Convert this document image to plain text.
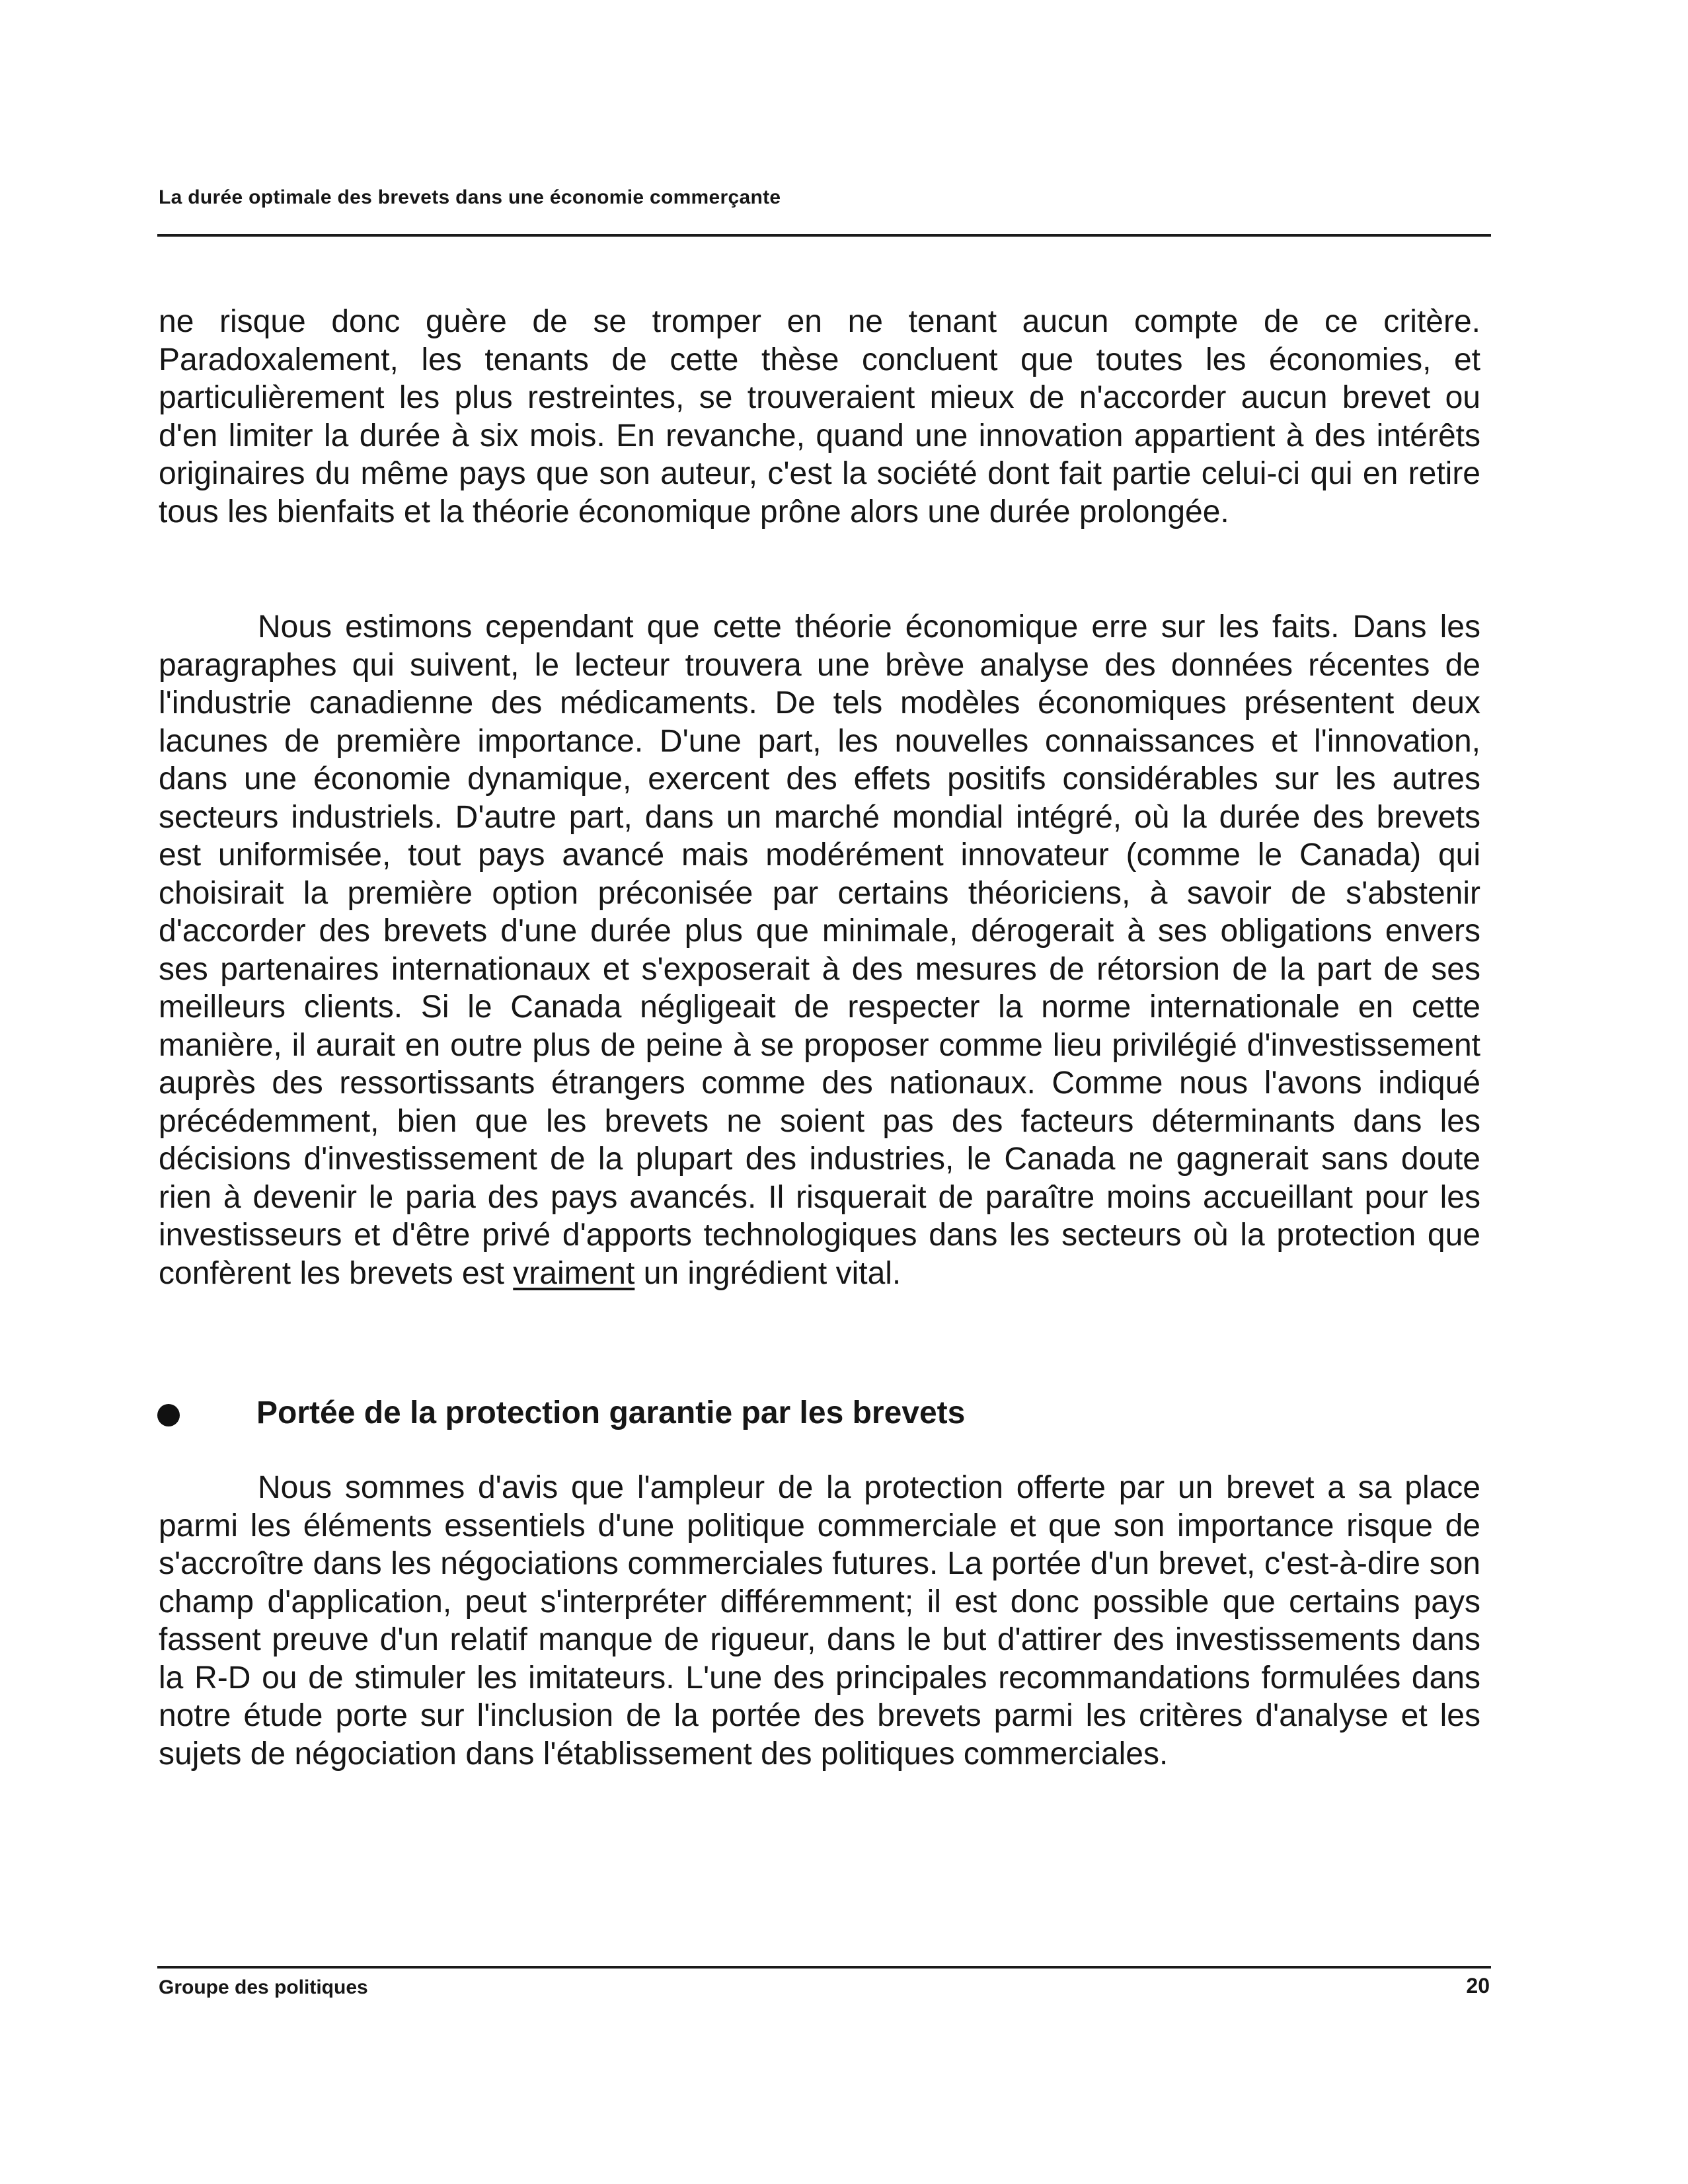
La durée optimale des brevets dans une économie commerçante

ne risque donc guère de se tromper en ne tenant aucun compte de ce critère. Paradoxalement, les tenants de cette thèse concluent que toutes les économies, et particulièrement les plus restreintes, se trouveraient mieux de n'accorder aucun brevet ou d'en limiter la durée à six mois. En revanche, quand une innovation appartient à des intérêts originaires du même pays que son auteur, c'est la société dont fait partie celui-ci qui en retire tous les bienfaits et la théorie économique prône alors une durée prolongée.

Nous estimons cependant que cette théorie économique erre sur les faits. Dans les paragraphes qui suivent, le lecteur trouvera une brève analyse des données récentes de l'industrie canadienne des médicaments. De tels modèles économiques présentent deux lacunes de première importance. D'une part, les nouvelles connaissances et l'innovation, dans une économie dynamique, exercent des effets positifs considérables sur les autres secteurs industriels. D'autre part, dans un marché mondial intégré, où la durée des brevets est uniformisée, tout pays avancé mais modérément innovateur (comme le Canada) qui choisirait la première option préconisée par certains théoriciens, à savoir de s'abstenir d'accorder des brevets d'une durée plus que minimale, dérogerait à ses obligations envers ses partenaires internationaux et s'exposerait à des mesures de rétorsion de la part de ses meilleurs clients. Si le Canada négligeait de respecter la norme internationale en cette manière, il aurait en outre plus de peine à se proposer comme lieu privilégié d'investissement auprès des ressortissants étrangers comme des nationaux. Comme nous l'avons indiqué précédemment, bien que les brevets ne soient pas des facteurs déterminants dans les décisions d'investissement de la plupart des industries, le Canada ne gagnerait sans doute rien à devenir le paria des pays avancés. Il risquerait de paraître moins accueillant pour les investisseurs et d'être privé d'apports technologiques dans les secteurs où la protection que confèrent les brevets est vraiment un ingrédient vital.

Portée de la protection garantie par les brevets

Nous sommes d'avis que l'ampleur de la protection offerte par un brevet a sa place parmi les éléments essentiels d'une politique commerciale et que son importance risque de s'accroître dans les négociations commerciales futures. La portée d'un brevet, c'est-à-dire son champ d'application, peut s'interpréter différemment; il est donc possible que certains pays fassent preuve d'un relatif manque de rigueur, dans le but d'attirer des investissements dans la R-D ou de stimuler les imitateurs. L'une des principales recommandations formulées dans notre étude porte sur l'inclusion de la portée des brevets parmi les critères d'analyse et les sujets de négociation dans l'établissement des politiques commerciales.

Groupe des politiques	20
